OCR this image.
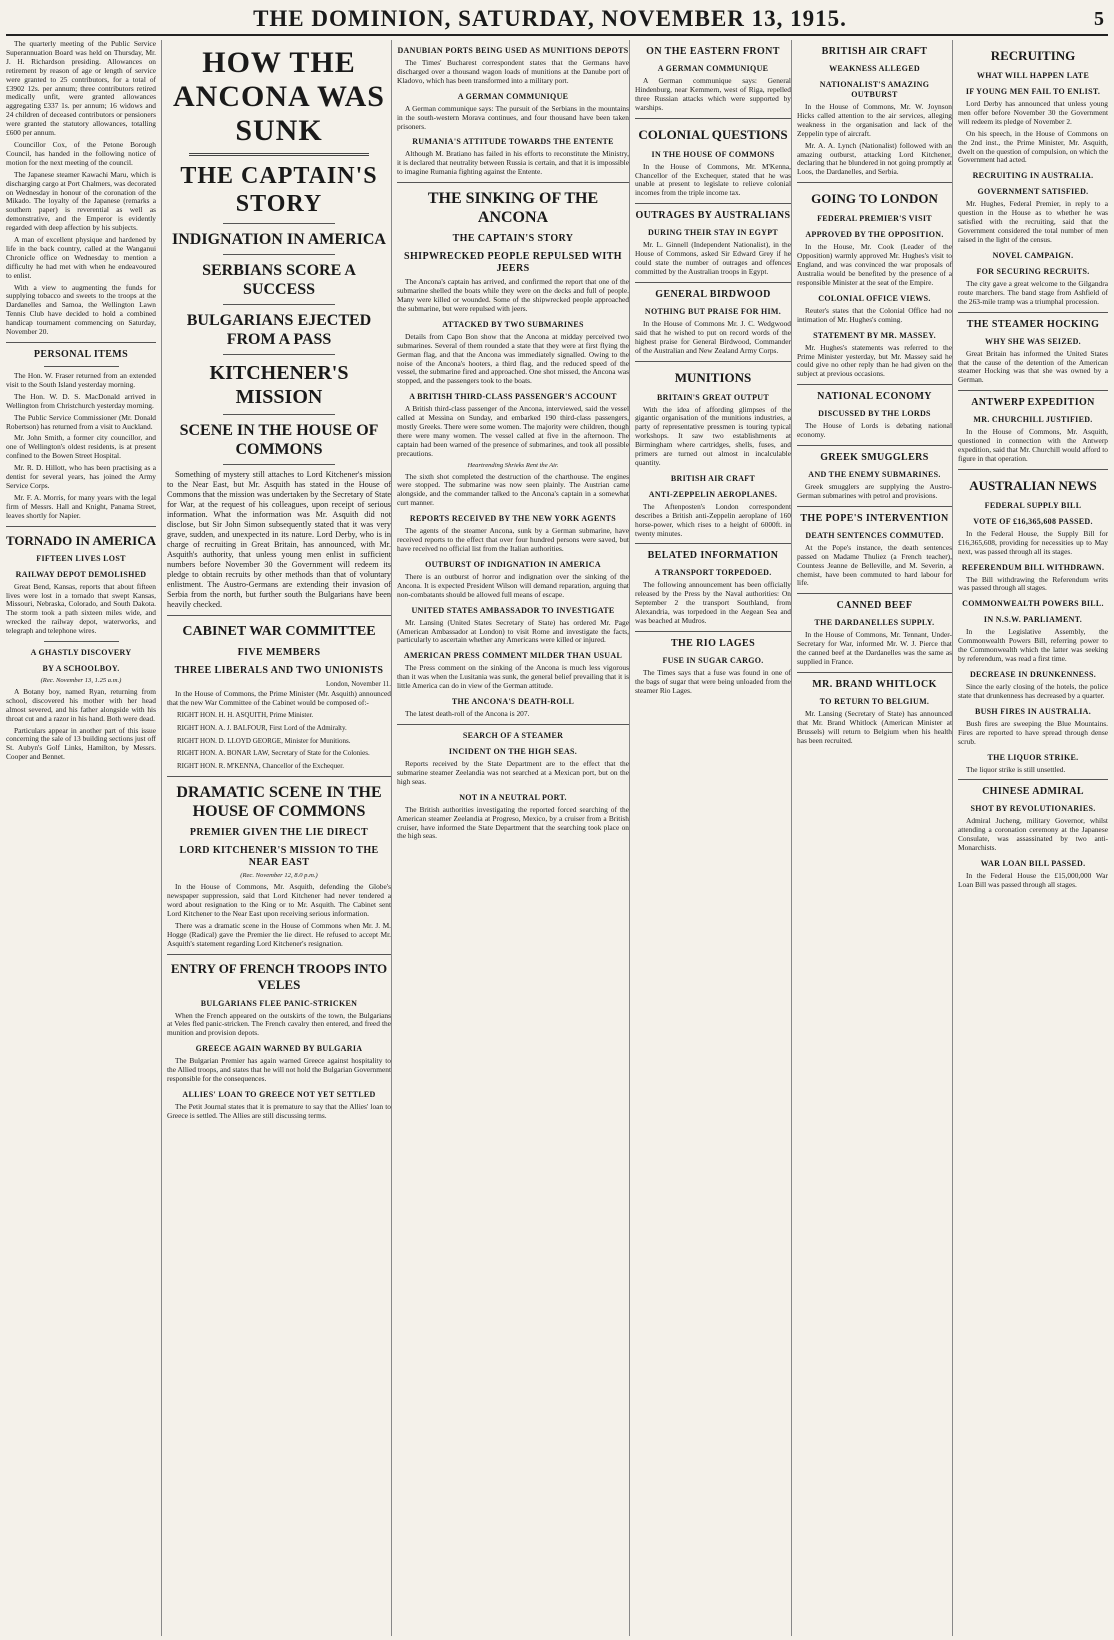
THE DOMINION, SATURDAY, NOVEMBER 13, 1915.	5

The quarterly meeting of the Public Service Superannuation Board was held on Thursday, Mr. J. H. Richardson presiding. Allowances on retirement by reason of age or length of service were granted to 25 contributors, for a total of £3902 12s. per annum; three contributors retired medically unfit, were granted allowances aggregating £337 1s. per annum; 16 widows and 24 children of deceased contributors or pensioners were granted the statutory allowances, totalling £600 per annum.

Councillor Cox, of the Petone Borough Council, has handed in the following notice of motion for the next meeting of the council.

The Japanese steamer Kawachi Maru, which is discharging cargo at Port Chalmers, was decorated on Wednesday in honour of the coronation of the Mikado. The loyalty of the Japanese (remarks a southern paper) is reverential as well as demonstrative, and the Emperor is evidently regarded with deep affection by his subjects.

A man of excellent physique and hardened by life in the back country, called at the Wanganui Chronicle office on Wednesday to mention a difficulty he had met with when he endeavoured to enlist.

With a view to augmenting the funds for supplying tobacco and sweets to the troops at the Dardanelles and Samoa, the Wellington Lawn Tennis Club have decided to hold a combined handicap tournament commencing on Saturday, November 20.

PERSONAL ITEMS

The Hon. W. Fraser returned from an extended visit to the South Island yesterday morning.

The Hon. W. D. S. MacDonald arrived in Wellington from Christchurch yesterday morning.

The Public Service Commissioner (Mr. Donald Robertson) has returned from a visit to Auckland.

Mr. John Smith, a former city councillor, and one of Wellington's oldest residents, is at present confined to the Bowen Street Hospital.

Mr. R. D. Hillott, who has been practising as a dentist for several years, has joined the Army Service Corps.

Mr. F. A. Morris, for many years with the legal firm of Messrs. Hall and Knight, Panama Street, leaves shortly for Napier.

TORNADO IN AMERICA
FIFTEEN LIVES LOST
RAILWAY DEPOT DEMOLISHED

Great Bend, Kansas, reports that about fifteen lives were lost in a tornado that swept Kansas, Missouri, Nebraska, Colorado, and South Dakota. The storm took a path sixteen miles wide, and wrecked the railway depot, waterworks, and telegraph and telephone wires.

A GHASTLY DISCOVERY
BY A SCHOOLBOY.
(Rec. November 13, 1.25 a.m.)

A Botany boy, named Ryan, returning from school, discovered his mother with her head almost severed, and his father alongside with his throat cut and a razor in his hand. Both were dead.

Particulars appear in another part of this issue concerning the sale of 13 building sections just off St. Aubyn's Golf Links, Hamilton, by Messrs. Cooper and Bennet.

HOW THE ANCONA WAS SUNK
THE CAPTAIN'S STORY
INDIGNATION IN AMERICA
SERBIANS SCORE A SUCCESS
BULGARIANS EJECTED FROM A PASS
KITCHENER'S MISSION
SCENE IN THE HOUSE OF COMMONS

Something of mystery still attaches to Lord Kitchener's mission to the Near East, but Mr. Asquith has stated in the House of Commons that the mission was undertaken by the Secretary of State for War, at the request of his colleagues, upon receipt of serious information. What the information was Mr. Asquith did not disclose, but Sir John Simon subsequently stated that it was very grave, sudden, and unexpected in its nature. Lord Derby, who is in charge of recruiting in Great Britain, has announced, with Mr. Asquith's authority, that unless young men enlist in sufficient numbers before November 30 the Government will redeem its pledge to obtain recruits by other methods than that of voluntary enlistment. The Austro-Germans are extending their invasion of Serbia from the north, but further south the Bulgarians have been heavily checked.

CABINET WAR COMMITTEE
FIVE MEMBERS
THREE LIBERALS AND TWO UNIONISTS
London, November 11.

In the House of Commons, the Prime Minister (Mr. Asquith) announced that the new War Committee of the Cabinet would be composed of:-

RIGHT HON. H. H. ASQUITH, Prime Minister.
RIGHT HON. A. J. BALFOUR, First Lord of the Admiralty.
RIGHT HON. D. LLOYD GEORGE, Minister for Munitions.
RIGHT HON. A. BONAR LAW, Secretary of State for the Colonies.
RIGHT HON. R. M'KENNA, Chancellor of the Exchequer.
DRAMATIC SCENE IN THE HOUSE OF COMMONS
PREMIER GIVEN THE LIE DIRECT
LORD KITCHENER'S MISSION TO THE NEAR EAST
(Rec. November 12, 8.0 p.m.)

In the House of Commons, Mr. Asquith, defending the Globe's newspaper suppression, said that Lord Kitchener had never tendered a word about resignation to the King or to Mr. Asquith. The Cabinet sent Lord Kitchener to the Near East upon receiving serious information.

There was a dramatic scene in the House of Commons when Mr. J. M. Hogge (Radical) gave the Premier the lie direct. He refused to accept Mr. Asquith's statement regarding Lord Kitchener's resignation.

ENTRY OF FRENCH TROOPS INTO VELES
BULGARIANS FLEE PANIC-STRICKEN

When the French appeared on the outskirts of the town, the Bulgarians at Veles fled panic-stricken. The French cavalry then entered, and freed the munition and provision depots.

GREECE AGAIN WARNED BY BULGARIA

The Bulgarian Premier has again warned Greece against hospitality to the Allied troops, and states that he will not hold the Bulgarian Government responsible for the consequences.

ALLIES' LOAN TO GREECE NOT YET SETTLED

The Petit Journal states that it is premature to say that the Allies' loan to Greece is settled. The Allies are still discussing terms.

DANUBIAN PORTS BEING USED AS MUNITIONS DEPOTS

The Times' Bucharest correspondent states that the Germans have discharged over a thousand wagon loads of munitions at the Danube port of Kladovo, which has been transformed into a military port.

A GERMAN COMMUNIQUE

A German communique says: The pursuit of the Serbians in the mountains in the south-western Morava continues, and four thousand have been taken prisoners.

RUMANIA'S ATTITUDE TOWARDS THE ENTENTE

Although M. Bratiano has failed in his efforts to reconstitute the Ministry, it is declared that neutrality between Russia is certain, and that it is impossible to imagine Rumania fighting against the Entente.

THE SINKING OF THE ANCONA
THE CAPTAIN'S STORY
SHIPWRECKED PEOPLE REPULSED WITH JEERS

The Ancona's captain has arrived, and confirmed the report that one of the submarine shelled the boats while they were on the decks and full of people. Many were killed or wounded. Some of the shipwrecked people approached the submarine, but were repulsed with jeers.

ATTACKED BY TWO SUBMARINES

Details from Capo Bon show that the Ancona at midday perceived two submarines. Several of them rounded a state that they were at first flying the German flag, and that the Ancona was immediately signalled. Owing to the noise of the Ancona's hooters, a third flag, and the reduced speed of the vessel, the submarine fired and approached. One shot missed, the Ancona was stopped, and the passengers took to the boats.

A BRITISH THIRD-CLASS PASSENGER'S ACCOUNT

A British third-class passenger of the Ancona, interviewed, said the vessel called at Messina on Sunday, and embarked 190 third-class passengers, mostly Greeks. There were some women. The majority were children, though there were many women. The vessel called at five in the afternoon. The captain had been warned of the presence of submarines, and took all possible precautions.

Heartrending Shrieks Rent the Air.

The sixth shot completed the destruction of the charthouse. The engines were stopped. The submarine was now seen plainly. The Austrian came alongside, and the commander talked to the Ancona's captain in a somewhat curt manner.

REPORTS RECEIVED BY THE NEW YORK AGENTS

The agents of the steamer Ancona, sunk by a German submarine, have received reports to the effect that over four hundred persons were saved, but have received no official list from the Italian authorities.

OUTBURST OF INDIGNATION IN AMERICA

There is an outburst of horror and indignation over the sinking of the Ancona. It is expected President Wilson will demand reparation, arguing that non-combatants should be allowed full means of escape.

UNITED STATES AMBASSADOR TO INVESTIGATE

Mr. Lansing (United States Secretary of State) has ordered Mr. Page (American Ambassador at London) to visit Rome and investigate the facts, particularly to ascertain whether any Americans were killed or injured.

AMERICAN PRESS COMMENT MILDER THAN USUAL

The Press comment on the sinking of the Ancona is much less vigorous than it was when the Lusitania was sunk, the general belief prevailing that it is little America can do in view of the German attitude.

THE ANCONA'S DEATH-ROLL

The latest death-roll of the Ancona is 207.

SEARCH OF A STEAMER
INCIDENT ON THE HIGH SEAS.

Reports received by the State Department are to the effect that the submarine steamer Zeelandia was not searched at a Mexican port, but on the high seas.

NOT IN A NEUTRAL PORT.

The British authorities investigating the reported forced searching of the American steamer Zeelandia at Progreso, Mexico, by a cruiser from a British cruiser, have informed the State Department that the searching took place on the high seas.

ON THE EASTERN FRONT
A GERMAN COMMUNIQUE

A German communique says: General Hindenburg, near Kemmern, west of Riga, repelled three Russian attacks which were supported by warships.

COLONIAL QUESTIONS
IN THE HOUSE OF COMMONS

In the House of Commons, Mr. M'Kenna, Chancellor of the Exchequer, stated that he was unable at present to legislate to relieve colonial incomes from the triple income tax.

OUTRAGES BY AUSTRALIANS
DURING THEIR STAY IN EGYPT

Mr. L. Ginnell (Independent Nationalist), in the House of Commons, asked Sir Edward Grey if he could state the number of outrages and offences committed by the Australian troops in Egypt.

GENERAL BIRDWOOD
NOTHING BUT PRAISE FOR HIM.

In the House of Commons Mr. J. C. Wedgwood said that he wished to put on record words of the highest praise for General Birdwood, Commander of the Australian and New Zealand Army Corps.

MUNITIONS
BRITAIN'S GREAT OUTPUT

With the idea of affording glimpses of the gigantic organisation of the munitions industries, a party of representative pressmen is touring typical workshops. It saw two establishments at Birmingham where cartridges, shells, fuses, and primers are turned out almost in incalculable quantity.

BRITISH AIR CRAFT
ANTI-ZEPPELIN AEROPLANES.

The Aftenposten's London correspondent describes a British anti-Zeppelin aeroplane of 160 horse-power, which rises to a height of 6000ft. in twenty minutes.

BELATED INFORMATION
A TRANSPORT TORPEDOED.

The following announcement has been officially released by the Press by the Naval authorities: On September 2 the transport Southland, from Alexandria, was torpedoed in the Aegean Sea and was beached at Mudros.

THE RIO LAGES
FUSE IN SUGAR CARGO.

The Times says that a fuse was found in one of the bags of sugar that were being unloaded from the steamer Rio Lages.

BRITISH AIR CRAFT
WEAKNESS ALLEGED
NATIONALIST'S AMAZING OUTBURST

In the House of Commons, Mr. W. Joynson Hicks called attention to the air services, alleging weakness in the organisation and lack of the Zeppelin type of aircraft.

Mr. A. A. Lynch (Nationalist) followed with an amazing outburst, attacking Lord Kitchener, declaring that he blundered in not going promptly at Loos, the Dardanelles, and Serbia.

GOING TO LONDON
FEDERAL PREMIER'S VISIT
APPROVED BY THE OPPOSITION.

In the House, Mr. Cook (Leader of the Opposition) warmly approved Mr. Hughes's visit to England, and was convinced the war proposals of Australia would be benefited by the presence of a responsible Minister at the seat of the Empire.

COLONIAL OFFICE VIEWS.

Reuter's states that the Colonial Office had no intimation of Mr. Hughes's coming.

STATEMENT BY MR. MASSEY.

Mr. Hughes's statements was referred to the Prime Minister yesterday, but Mr. Massey said he could give no other reply than he had given on the subject at previous occasions.

NATIONAL ECONOMY
DISCUSSED BY THE LORDS

The House of Lords is debating national economy.

GREEK SMUGGLERS
AND THE ENEMY SUBMARINES.

Greek smugglers are supplying the Austro-German submarines with petrol and provisions.

THE POPE'S INTERVENTION
DEATH SENTENCES COMMUTED.

At the Pope's instance, the death sentences passed on Madame Thuliez (a French teacher), Countess Jeanne de Belleville, and M. Severin, a chemist, have been commuted to hard labour for life.

CANNED BEEF
THE DARDANELLES SUPPLY.

In the House of Commons, Mr. Tennant, Under-Secretary for War, informed Mr. W. J. Pierce that the canned beef at the Dardanelles was the same as supplied in France.

MR. BRAND WHITLOCK
TO RETURN TO BELGIUM.

Mr. Lansing (Secretary of State) has announced that Mr. Brand Whitlock (American Minister at Brussels) will return to Belgium when his health has been recruited.

RECRUITING
WHAT WILL HAPPEN LATE
IF YOUNG MEN FAIL TO ENLIST.

Lord Derby has announced that unless young men offer before November 30 the Government will redeem its pledge of November 2.

On his speech, in the House of Commons on the 2nd inst., the Prime Minister, Mr. Asquith, dwelt on the question of compulsion, on which the Government had acted.

RECRUITING IN AUSTRALIA.
GOVERNMENT SATISFIED.

Mr. Hughes, Federal Premier, in reply to a question in the House as to whether he was satisfied with the recruiting, said that the Government considered the total number of men raised in the light of the census.

NOVEL CAMPAIGN.
FOR SECURING RECRUITS.

The city gave a great welcome to the Gilgandra route marchers. The band stage from Ashfield of the 263-mile tramp was a triumphal procession.

THE STEAMER HOCKING
WHY SHE WAS SEIZED.

Great Britain has informed the United States that the cause of the detention of the American steamer Hocking was that she was owned by a German.

ANTWERP EXPEDITION
MR. CHURCHILL JUSTIFIED.

In the House of Commons, Mr. Asquith, questioned in connection with the Antwerp expedition, said that Mr. Churchill would afford to figure in that operation.

AUSTRALIAN NEWS
FEDERAL SUPPLY BILL
VOTE OF £16,365,608 PASSED.

In the Federal House, the Supply Bill for £16,365,608, providing for necessities up to May next, was passed through all its stages.

REFERENDUM BILL WITHDRAWN.

The Bill withdrawing the Referendum writs was passed through all stages.

COMMONWEALTH POWERS BILL.
IN N.S.W. PARLIAMENT.

In the Legislative Assembly, the Commonwealth Powers Bill, referring power to the Commonwealth which the latter was seeking by referendum, was read a first time.

DECREASE IN DRUNKENNESS.

Since the early closing of the hotels, the police state that drunkenness has decreased by a quarter.

BUSH FIRES IN AUSTRALIA.

Bush fires are sweeping the Blue Mountains. Fires are reported to have spread through dense scrub.

THE LIQUOR STRIKE.

The liquor strike is still unsettled.

CHINESE ADMIRAL
SHOT BY REVOLUTIONARIES.

Admiral Jucheng, military Governor, whilst attending a coronation ceremony at the Japanese Consulate, was assassinated by two anti-Monarchists.

WAR LOAN BILL PASSED.

In the Federal House the £15,000,000 War Loan Bill was passed through all stages.
